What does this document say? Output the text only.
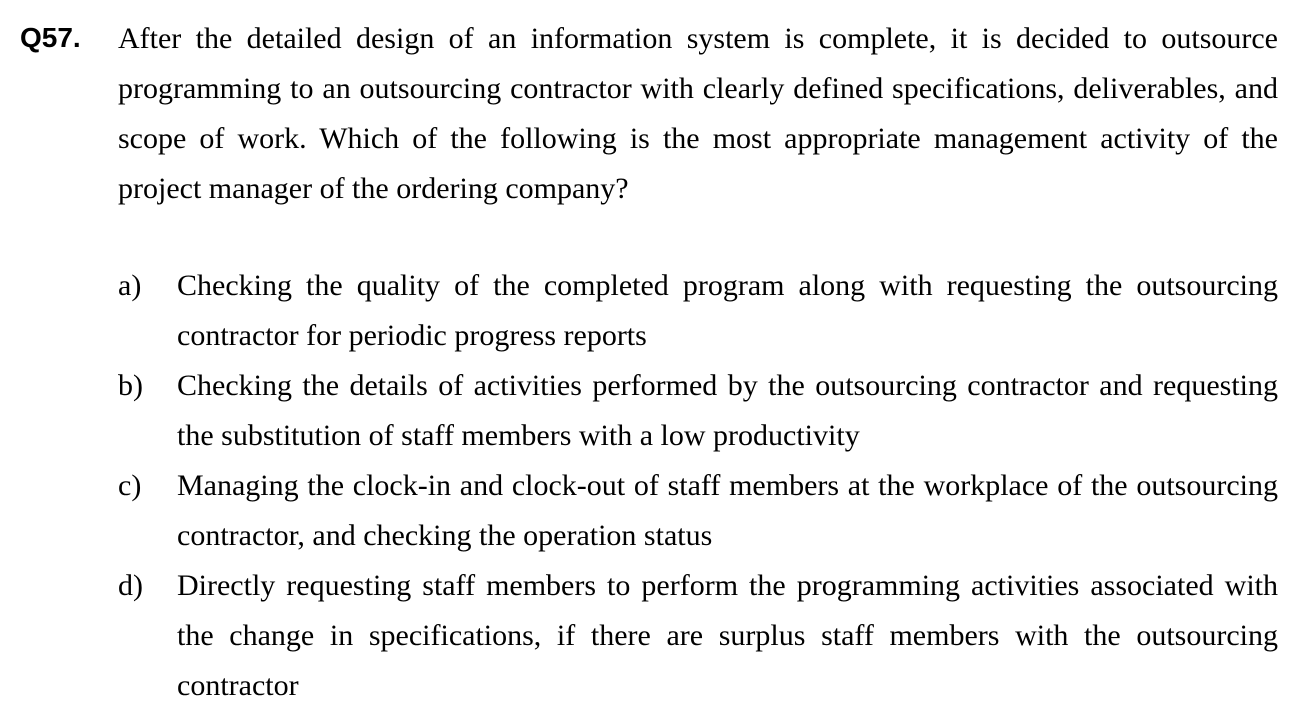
Q57. After the detailed design of an information system is complete, it is decided to outsource programming to an outsourcing contractor with clearly defined specifications, deliverables, and scope of work. Which of the following is the most appropriate management activity of the project manager of the ordering company?
a) Checking the quality of the completed program along with requesting the outsourcing contractor for periodic progress reports
b) Checking the details of activities performed by the outsourcing contractor and requesting the substitution of staff members with a low productivity
c) Managing the clock-in and clock-out of staff members at the workplace of the outsourcing contractor, and checking the operation status
d) Directly requesting staff members to perform the programming activities associated with the change in specifications, if there are surplus staff members with the outsourcing contractor
